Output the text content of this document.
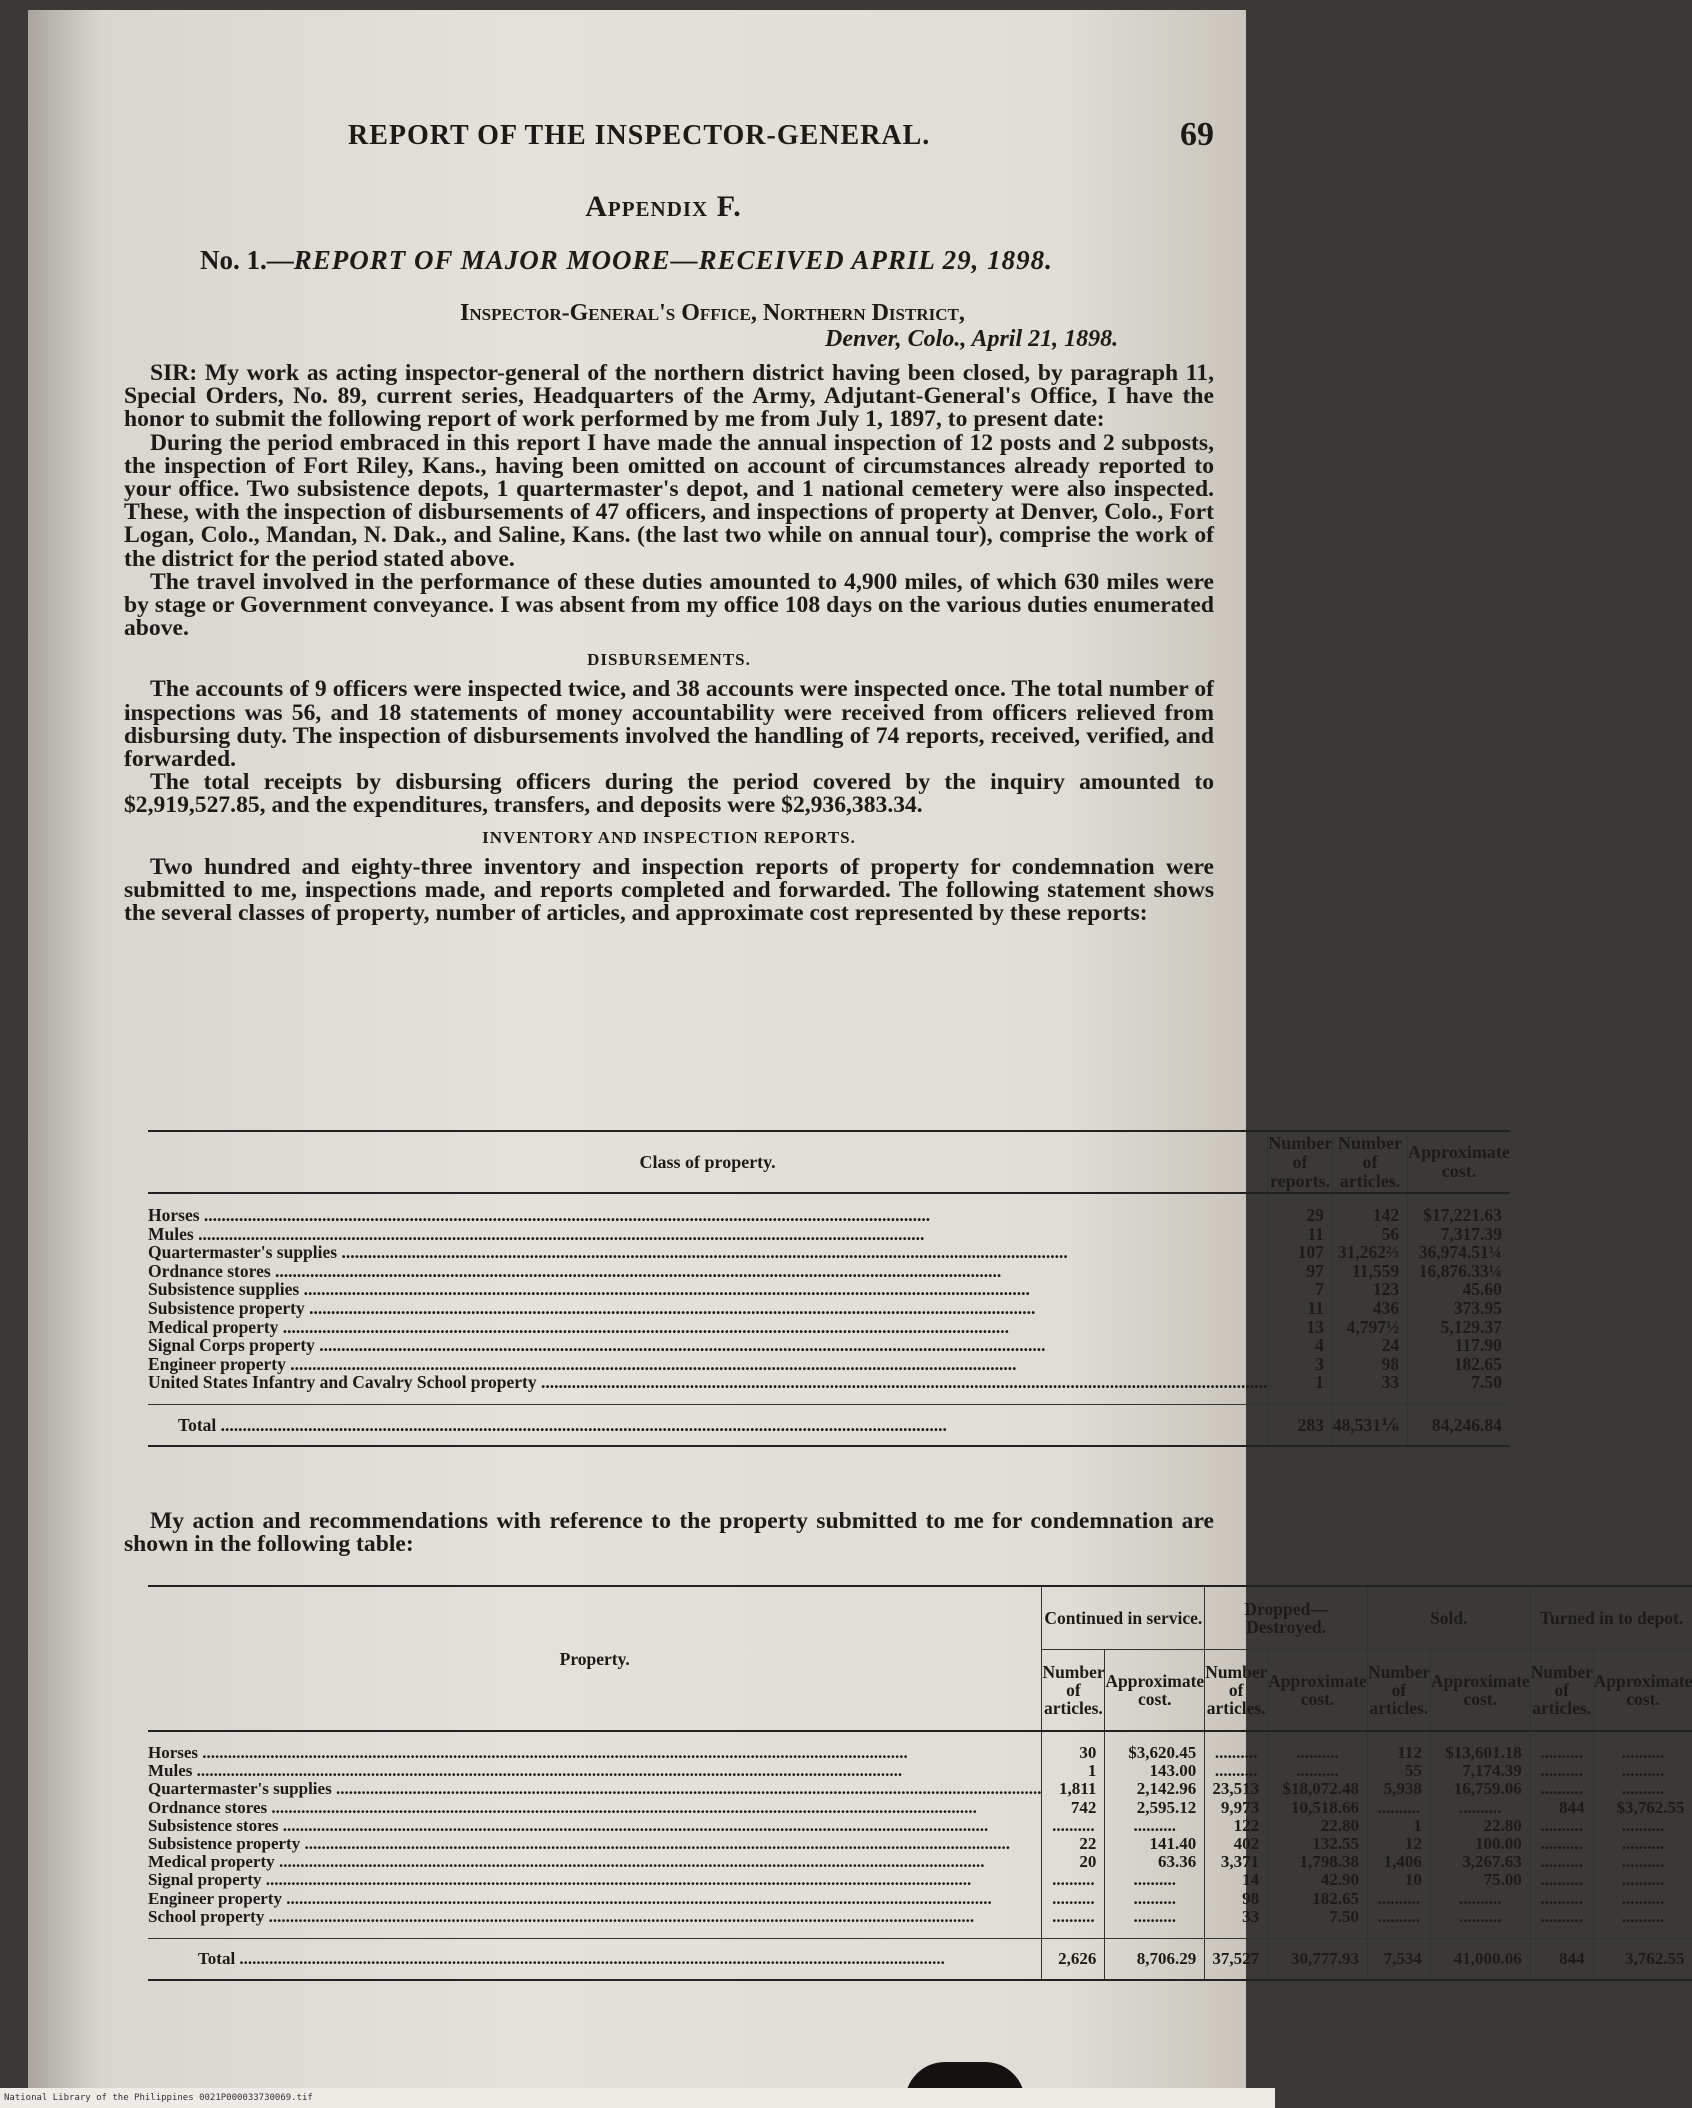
REPORT OF THE INSPECTOR-GENERAL.	69
Appendix F.
No. 1.—REPORT OF MAJOR MOORE—RECEIVED APRIL 29, 1898.
Inspector-General's Office, Northern District,
Denver, Colo., April 21, 1898.

SIR: My work as acting inspector-general of the northern district having been closed, by paragraph 11, Special Orders, No. 89, current series, Headquarters of the Army, Adjutant-General's Office, I have the honor to submit the following report of work performed by me from July 1, 1897, to present date:

During the period embraced in this report I have made the annual inspection of 12 posts and 2 subposts, the inspection of Fort Riley, Kans., having been omitted on account of circumstances already reported to your office. Two subsistence depots, 1 quartermaster's depot, and 1 national cemetery were also inspected. These, with the inspection of disbursements of 47 officers, and inspections of property at Denver, Colo., Fort Logan, Colo., Mandan, N. Dak., and Saline, Kans. (the last two while on annual tour), comprise the work of the district for the period stated above.

The travel involved in the performance of these duties amounted to 4,900 miles, of which 630 miles were by stage or Government conveyance. I was absent from my office 108 days on the various duties enumerated above.

DISBURSEMENTS.

The accounts of 9 officers were inspected twice, and 38 accounts were inspected once. The total number of inspections was 56, and 18 statements of money accountability were received from officers relieved from disbursing duty. The inspection of disbursements involved the handling of 74 reports, received, verified, and forwarded.

The total receipts by disbursing officers during the period covered by the inquiry amounted to $2,919,527.85, and the expenditures, transfers, and deposits were $2,936,383.34.

INVENTORY AND INSPECTION REPORTS.

Two hundred and eighty-three inventory and inspection reports of property for condemnation were submitted to me, inspections made, and reports completed and forwarded. The following statement shows the several classes of property, number of articles, and approximate cost represented by these reports:

Class of property.	Number of reports.	Number of articles.	Approximate cost.

Horses .....	29	142	$17,221.63
Mules .....	11	56	7,317.39
Quartermaster's supplies .....	107	31,262⅔	36,974.51¼
Ordnance stores .....	97	11,559	16,876.33¼
Subsistence supplies .....	7	123	45.60
Subsistence property .....	11	436	373.95
Medical property .....	13	4,797½	5,129.37
Signal Corps property .....	4	24	117.90
Engineer property .....	3	98	182.65
United States Infantry and Cavalry School property .....	1	33	7.50

Total .....	283	48,531⅙	84,246.84

My action and recommendations with reference to the property submitted to me for condemnation are shown in the following table:

Property.	Continued in service.		Dropped—Destroyed.		Sold.		Turned in to depot.	
	Number of articles.	Approximate cost.	Number of articles.	Approximate cost.	Number of articles.	Approximate cost.	Number of articles.	Approximate cost.

Horses .....	30	$3,620.45	..........	..........	112	$13,601.18	..........	..........
Mules .....	1	143.00	..........	..........	55	7,174.39	..........	..........
Quartermaster's supplies .....	1,811	2,142.96	23,513	$18,072.48	5,938	16,759.06	..........	..........
Ordnance stores .....	742	2,595.12	9,973	10,518.66	..........	..........	844	$3,762.55
Subsistence stores .....	..........	..........	122	22.80	1	22.80	..........	..........
Subsistence property .....	22	141.40	402	132.55	12	100.00	..........	..........
Medical property .....	20	63.36	3,371	1,798.38	1,406	3,267.63	..........	..........
Signal property .....	..........	..........	14	42.90	10	75.00	..........	..........
Engineer property .....	..........	..........	98	182.65	..........	..........	..........	..........
School property .....	..........	..........	33	7.50	..........	..........	..........	..........

Total .....	2,626	8,706.29	37,527	30,777.93	7,534	41,000.06	844	3,762.55
National Library of the Philippines 0021P000033730069.tif
